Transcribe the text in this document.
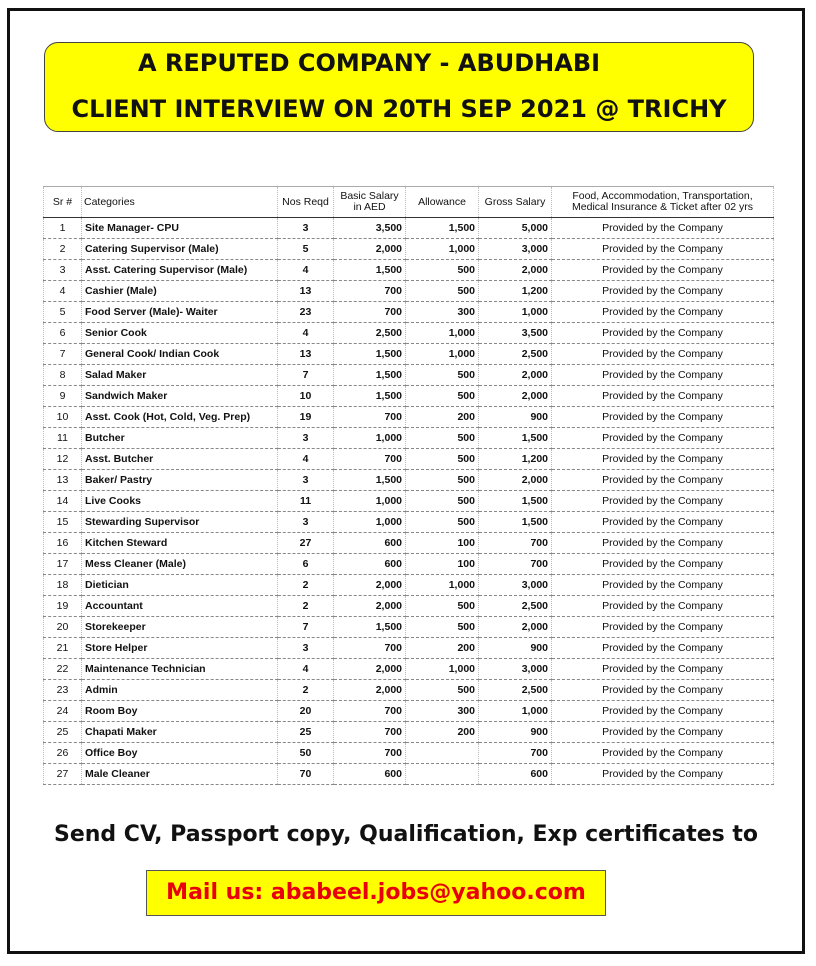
A REPUTED COMPANY - ABUDHABI
CLIENT INTERVIEW ON 20TH SEP 2021 @ TRICHY
Sr #	Categories	Nos Reqd	Basic Salary in AED	Allowance	Gross Salary	Food, Accommodation, Transportation, Medical Insurance & Ticket after 02 yrs
1	Site Manager- CPU	3	3,500	1,500	5,000	Provided by the Company
2	Catering Supervisor (Male)	5	2,000	1,000	3,000	Provided by the Company
3	Asst. Catering Supervisor (Male)	4	1,500	500	2,000	Provided by the Company
4	Cashier (Male)	13	700	500	1,200	Provided by the Company
5	Food Server (Male)- Waiter	23	700	300	1,000	Provided by the Company
6	Senior Cook	4	2,500	1,000	3,500	Provided by the Company
7	General Cook/ Indian Cook	13	1,500	1,000	2,500	Provided by the Company
8	Salad Maker	7	1,500	500	2,000	Provided by the Company
9	Sandwich Maker	10	1,500	500	2,000	Provided by the Company
10	Asst. Cook (Hot, Cold, Veg. Prep)	19	700	200	900	Provided by the Company
11	Butcher	3	1,000	500	1,500	Provided by the Company
12	Asst. Butcher	4	700	500	1,200	Provided by the Company
13	Baker/ Pastry	3	1,500	500	2,000	Provided by the Company
14	Live Cooks	11	1,000	500	1,500	Provided by the Company
15	Stewarding Supervisor	3	1,000	500	1,500	Provided by the Company
16	Kitchen Steward	27	600	100	700	Provided by the Company
17	Mess Cleaner (Male)	6	600	100	700	Provided by the Company
18	Dietician	2	2,000	1,000	3,000	Provided by the Company
19	Accountant	2	2,000	500	2,500	Provided by the Company
20	Storekeeper	7	1,500	500	2,000	Provided by the Company
21	Store Helper	3	700	200	900	Provided by the Company
22	Maintenance Technician	4	2,000	1,000	3,000	Provided by the Company
23	Admin	2	2,000	500	2,500	Provided by the Company
24	Room Boy	20	700	300	1,000	Provided by the Company
25	Chapati Maker	25	700	200	900	Provided by the Company
26	Office Boy	50	700		700	Provided by the Company
27	Male Cleaner	70	600		600	Provided by the Company
Send CV, Passport copy, Qualification, Exp certificates to
Mail us: ababeel.jobs@yahoo.com
